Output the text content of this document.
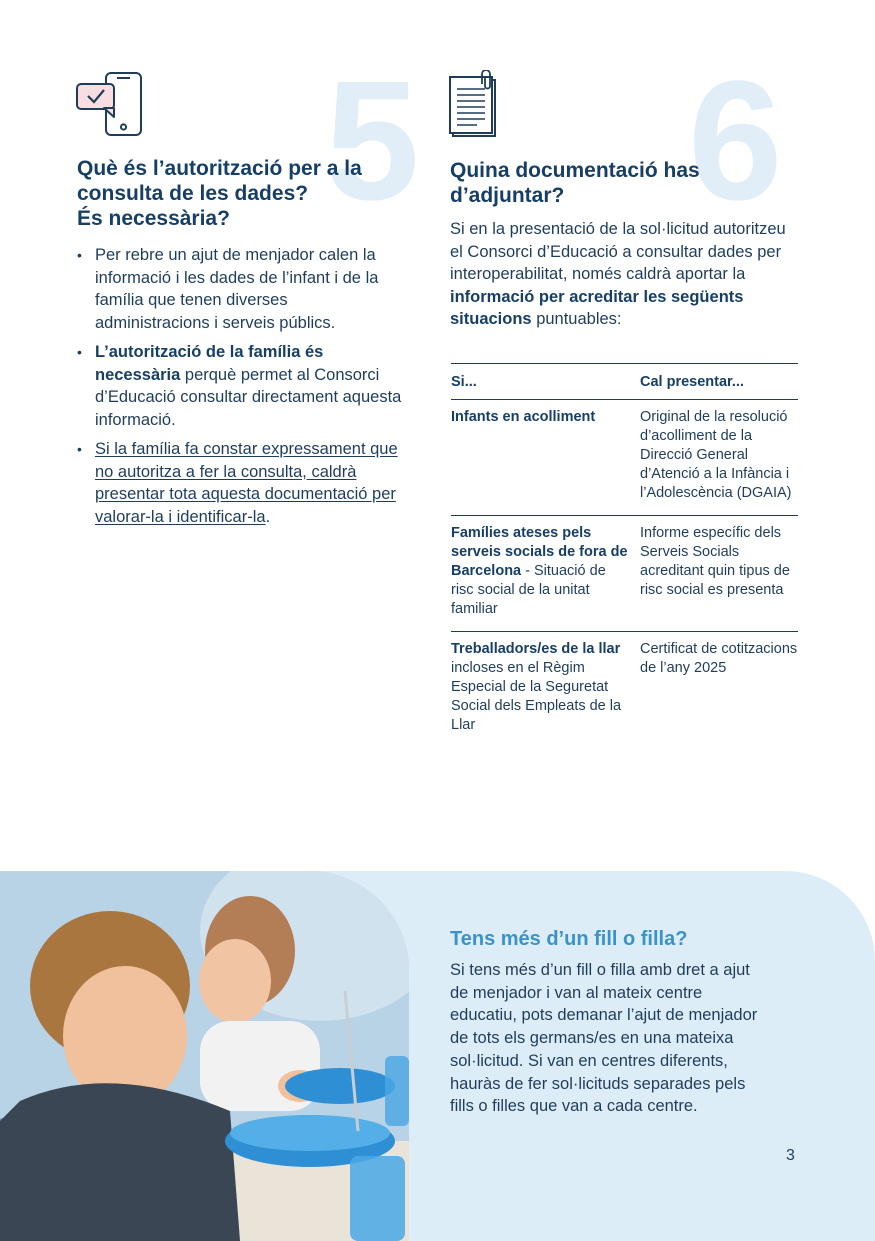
5
Què és l’autorització per a la
consulta de les dades?
És necessària?
• Per rebre un ajut de menjador calen la informació i les dades de l’infant i de la família que tenen diverses administracions i serveis públics.
• L’autorització de la família és necessària perquè permet al Consorci d’Educació consultar directament aquesta informació.
• Si la família fa constar expressament que no autoritza a fer la consulta, caldrà presentar tota aquesta documentació per valorar-la i identificar-la.
6
Quina documentació has
d’adjuntar?
Si en la presentació de la sol·licitud autoritzeu el Consorci d’Educació a consultar dades per interoperabilitat, només caldrà aportar la informació per acreditar les següents situacions puntuables:
Si...	Cal presentar...
Infants en acolliment	Original de la resolució d’acolliment de la Direcció General d’Atenció a la Infància i l’Adolescència (DGAIA)
Famílies ateses pels serveis socials de fora de Barcelona - Situació de risc social de la unitat familiar	Informe específic dels Serveis Socials acreditant quin tipus de risc social es presenta
Treballadors/es de la llar incloses en el Règim Especial de la Seguretat Social dels Empleats de la Llar	Certificat de cotitzacions de l’any 2025
Tens més d’un fill o filla?
Si tens més d’un fill o filla amb dret a ajut de menjador i van al mateix centre educatiu, pots demanar l’ajut de menjador de tots els germans/es en una mateixa sol·licitud. Si van en centres diferents, hauràs de fer sol·licituds separades pels fills o filles que van a cada centre.
3
